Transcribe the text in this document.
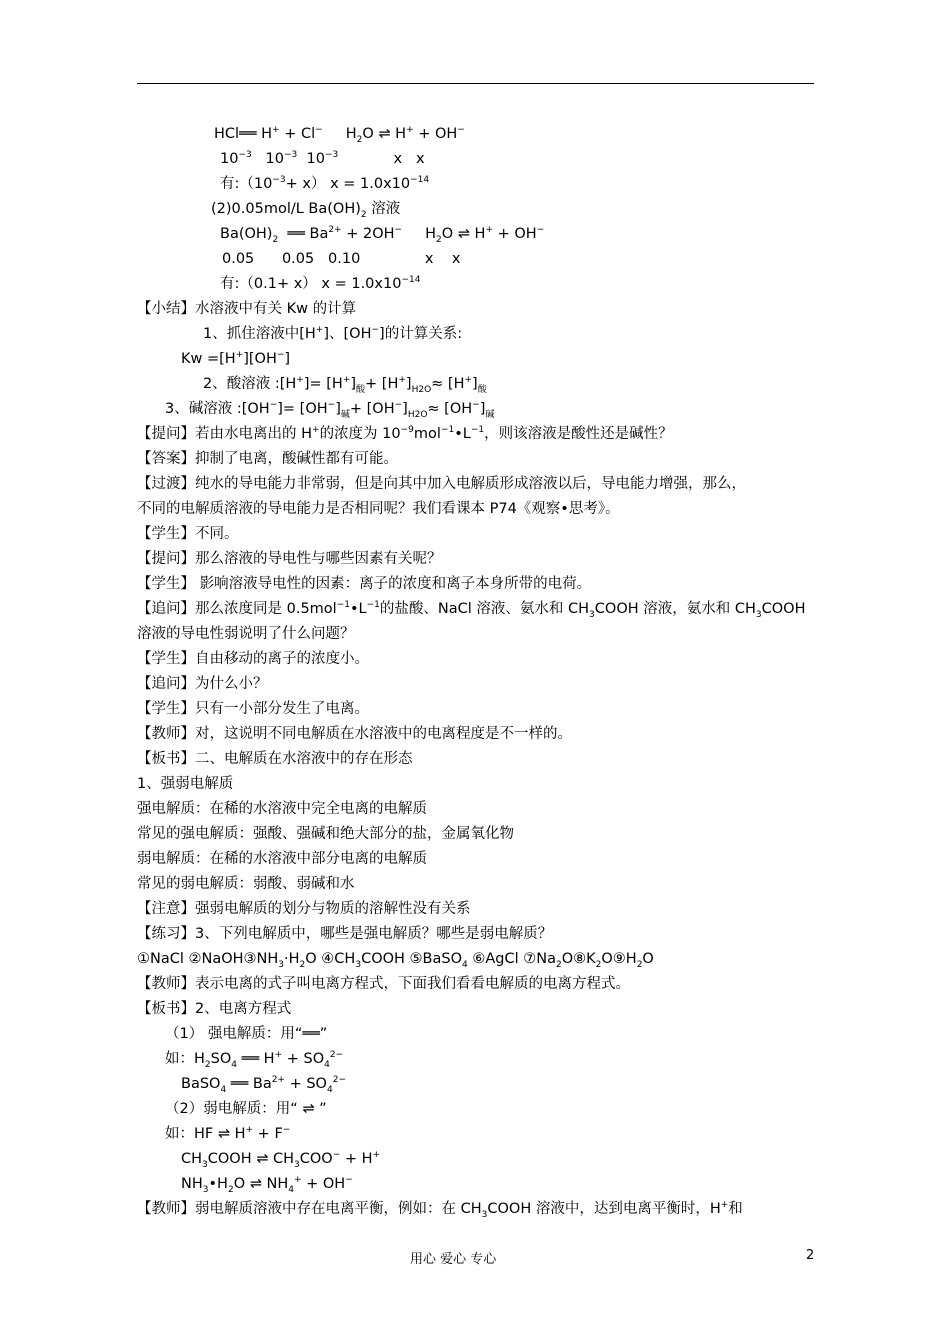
HCl══ H+ + Cl−     $H_2O$ ⇌ H+ + OH−
$10^{-3}$   $10^{-3}$  $10^{-3}$            x   x
有$:(10^{-3}+ x) x = 1.0x10^{-14}$
(2)0.05mol/L $Ba(OH)_2$ 溶液
$Ba(OH)_2$  ══ $Ba^{2+} + 2OH^-$     $H_2O$ ⇌ H+ + OH−
0.05      0.05   0.10              x    x
有:（0.1+ x） $x = 1.0x10^{-14}$
【小结】水溶液中有关 Kw 的计算
1、抓住溶液中[H+]、[OH−]的计算关系:
Kw =[H+][OH−]
2、酸溶液 :[H+]= $[H^+]_酸+ [H^+]_{H2O}\approx [H^+]_酸$
3、碱溶液 :[OH−]= $[OH^-]_碱+ [OH^-]_{H2O}\approx [OH^-]_碱$
【提问】若由水电离出的 H+的浓度为 $10^{-9}mol^{-1}•L^{-1}$，则该溶液是酸性还是碱性？
【答案】抑制了电离，酸碱性都有可能。
【过渡】纯水的导电能力非常弱，但是向其中加入电解质形成溶液以后，导电能力增强，那么，
不同的电解质溶液的导电能力是否相同呢？我们看课本 P74《观察•思考》。
【学生】不同。
【提问】那么溶液的导电性与哪些因素有关呢？
【学生】 影响溶液导电性的因素：离子的浓度和离子本身所带的电荷。
【追问】那么浓度同是 $0.5mol^{-1}•L^{-1}$的盐酸、NaCl 溶液、氨水和 $CH_3COOH$ 溶液，氨水和 $CH_3COOH$
溶液的导电性弱说明了什么问题？
【学生】自由移动的离子的浓度小。
【追问】为什么小？
【学生】只有一小部分发生了电离。
【教师】对，这说明不同电解质在水溶液中的电离程度是不一样的。
【板书】二、电解质在水溶液中的存在形态
1、强弱电解质
强电解质：在稀的水溶液中完全电离的电解质
常见的强电解质：强酸、强碱和绝大部分的盐，金属氧化物
弱电解质：在稀的水溶液中部分电离的电解质
常见的弱电解质：弱酸、弱碱和水
【注意】强弱电解质的划分与物质的溶解性没有关系
【练习】3、下列电解质中，哪些是强电解质？哪些是弱电解质？
①NaCl $②NaOH③NH_3\cdot H_2O$ $④CH_3COOH$ ⑤BaSO$_4$ ⑥AgCl $⑦Na_2O⑧K_2O⑨H_2O$
【教师】表示电离的式子叫电离方程式，下面我们看看电解质的电离方程式。
【板书】2、电离方程式
（1） 强电解质：用“══”
如：$H_2SO_4$ ══ $H^+ + SO_4^{2-}$
BaSO$_4$ ══ $Ba^{2+} + SO_4^{2-}$
（2）弱电解质：用“ ⇌ ”
如：HF ⇌ H+ + F−
$CH_3COOH$ ⇌ $CH_3COO^- + H^+$
$NH_3•H_2O$ ⇌ $NH_4^+ + OH^-$
【教师】弱电解质溶液中存在电离平衡，例如：在 $CH_3COOH$ 溶液中，达到电离平衡时，H+和
用心 爱心 专心	2
